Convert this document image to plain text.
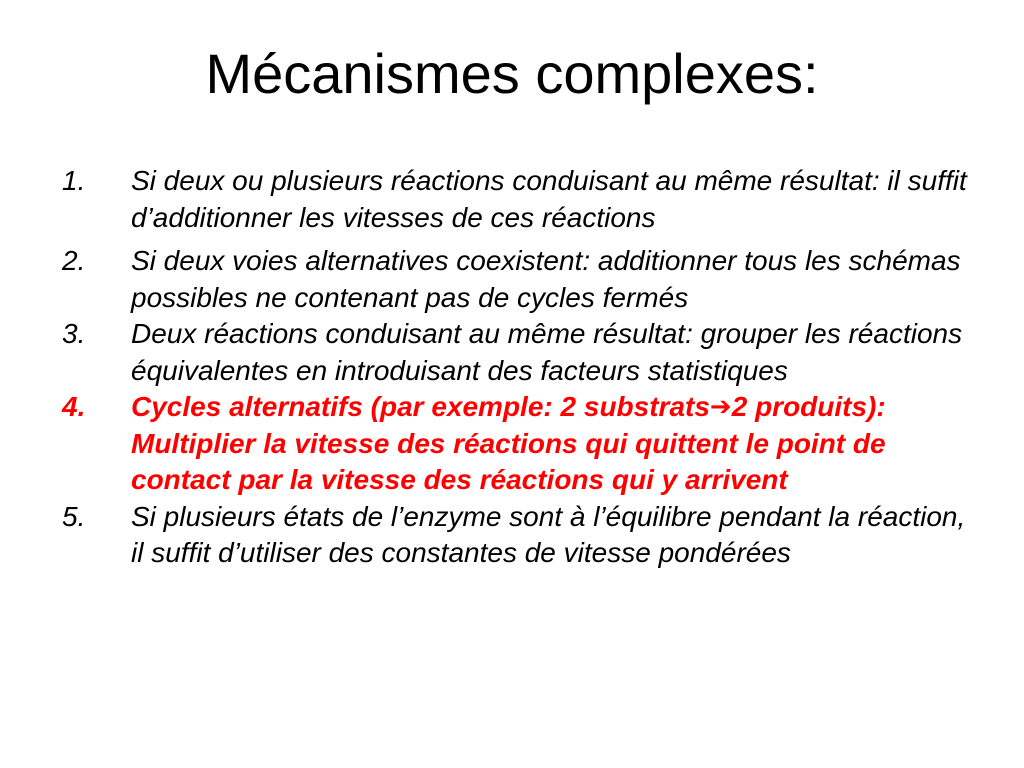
Mécanismes complexes:
1.	Si deux ou plusieurs réactions conduisant au même résultat: il suffit d’additionner les vitesses de ces réactions
2.	Si deux voies alternatives coexistent: additionner tous les schémas possibles ne contenant pas de cycles fermés
3.	Deux réactions conduisant au même résultat: grouper les réactions équivalentes en introduisant des facteurs statistiques
4.	Cycles alternatifs (par exemple: 2 substrats➔2 produits): Multiplier la vitesse des réactions qui quittent le point de contact par la vitesse des réactions qui y arrivent
5.	Si plusieurs états de l’enzyme sont à l’équilibre pendant la réaction, il suffit d’utiliser des constantes de vitesse pondérées
